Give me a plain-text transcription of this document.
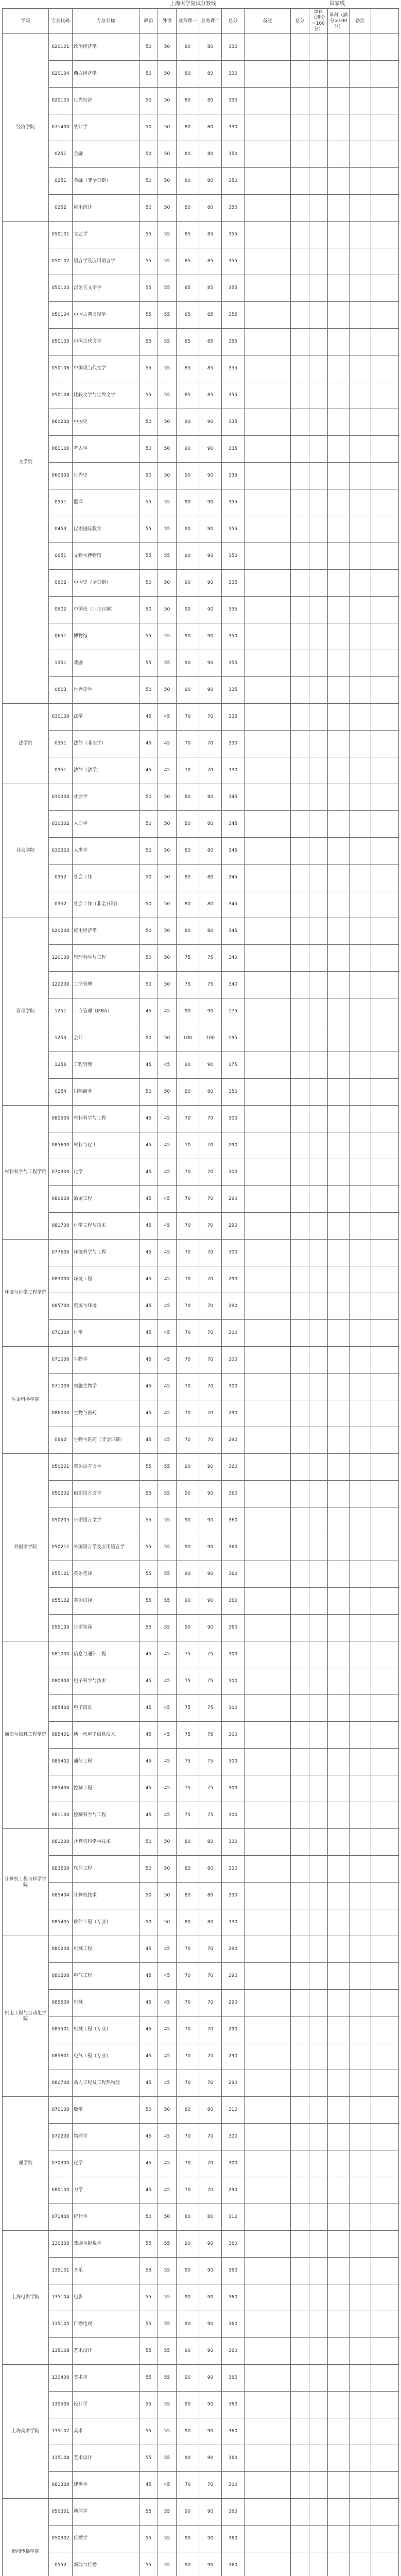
上海大学复试分数线	国家线
学院	专业代码	专业名称	政治	外语	业务课一	业务课二	总分	备注	总分	单科（满分=100分）	单科（满分>100分）	备注	
经济学院	020101	政治经济学	50	50	80	80	330						
	020104	西方经济学	50	50	80	80	330						
	020105	世界经济	50	50	80	80	330						
	071400	统计学	50	50	80	80	330						
	0251	金融	50	50	80	80	350						
	0251	金融（非全日制）	50	50	80	80	350						
	0252	应用统计	50	50	80	80	350						
文学院	050101	文艺学	55	55	85	85	355						
	050102	语言学及应用语言学	55	55	85	85	355						
	050103	汉语言文字学	55	55	85	85	355						
	050104	中国古典文献学	55	55	85	85	355						
	050105	中国古代文学	55	55	85	85	355						
	050106	中国现当代文学	55	55	85	85	355						
	050108	比较文学与世界文学	55	55	85	85	355						
	060200	中国史	50	50	90	90	335						
	060100	考古学	50	50	90	90	335						
	060300	世界史	50	50	90	90	335						
	0551	翻译	55	55	90	90	355						
	0453	汉语国际教育	55	55	90	90	355						
	0651	文物与博物馆	55	55	90	90	350						
	0602	中国史（全日制）	50	50	90	90	335						
	0602	中国史（非全日制）	50	50	90	90	335						
	0651	博物馆	55	55	90	90	350						
	1351	戏剧	55	55	90	90	355						
	0603	世界史学	50	50	90	90	335						
法学院	030100	法学	45	45	70	70	335						
	0351	法律（非法学）	45	45	70	70	330						
	0351	法律（法学）	45	45	70	70	330						
社会学院	030300	社会学	50	50	80	80	345						
	030302	人口学	50	50	80	80	345						
	030303	人类学	50	50	80	80	345						
	0352	社会工作	50	50	80	80	345						
	0352	社会工作（非全日制）	50	50	80	80	345						
管理学院	020200	应用经济学	50	50	80	80	345						
	120100	管理科学与工程	50	50	75	75	340						
	120200	工商管理	50	50	75	75	340						
	1251	工商管理（MBA）	45	45	90	90	175						
	1253	会计	50	50	100	100	195						
	1256	工程管理	45	45	90	90	175						
	0254	国际商务	50	50	80	80	350						
材料科学与工程学院	080500	材料科学与工程	45	45	70	70	300						
	085600	材料与化工	45	45	70	70	290						
	070300	化学	45	45	70	70	300						
	080600	冶金工程	45	45	70	70	290						
	081700	化学工程与技术	45	45	70	70	290						
环境与化学工程学院	077600	环境科学与工程	45	45	70	70	300						
	083000	环境工程	45	45	70	70	290						
	085700	资源与环境	45	45	70	70	290						
	070300	化学	45	45	70	70	300						
生命科学学院	071000	生物学	45	45	70	70	300						
	071009	细胞生物学	45	45	70	70	300						
	086000	生物与医药	45	45	70	70	290						
	0860	生物与医药（非全日制）	45	45	70	70	290						
外国语学院	050201	英语语言文学	55	55	90	90	360						
	050202	俄语语言文学	55	55	90	90	360						
	050205	日语语言文学	55	55	90	90	360						
	050211	外国语言学及应用语言学	55	55	90	90	360						
	055101	英语笔译	55	55	90	90	360						
	055102	英语口译	55	55	90	90	360						
	055105	日语笔译	55	55	90	90	360						
通信与信息工程学院	081000	信息与通信工程	45	45	75	75	300						
	080900	电子科学与技术	45	45	75	75	300						
	085400	电子信息	45	45	75	75	300						
	085401	新一代电子信息技术	45	45	75	75	300						
	085402	通信工程	45	45	75	75	300						
	085406	控制工程	45	45	75	75	300						
	081100	控制科学与工程	45	45	75	75	300						
计算机工程与科学学院	081200	计算机科学与技术	50	50	80	80	330						
	083500	软件工程	50	50	80	80	330						
	085404	计算机技术	50	50	80	80	330						
	085405	软件工程（专业）	50	50	80	80	330						
机电工程与自动化学院	080200	机械工程	45	45	70	70	290						
	080800	电气工程	45	45	70	70	290						
	085500	机械	45	45	70	70	290						
	085501	机械工程（专业）	45	45	70	70	290						
	085801	电气工程（专业）	45	45	70	70	290						
	080700	动力工程及工程热物理	45	45	70	70	290						
理学院	070100	数学	50	50	80	80	310						
	070200	物理学	45	45	70	70	300						
	070300	化学	45	45	70	70	300						
	080100	力学	45	45	70	70	290						
	071400	统计学	50	50	80	80	310						
上海电影学院	130300	戏剧与影视学	55	55	90	90	360						
	135101	音乐	55	55	90	90	360						
	135104	电影	55	55	90	90	360						
	135105	广播电视	55	55	90	90	360						
	135108	艺术设计	55	55	90	90	360						
上海美术学院	130400	美术学	55	55	90	90	360						
	130500	设计学	55	55	90	90	360						
	135107	美术	55	55	90	90	360						
	135108	艺术设计	55	55	90	90	360						
	081300	建筑学	45	45	70	70	300						
新闻传播学院	050301	新闻学	55	55	90	90	360						
	050302	传播学	55	55	90	90	360						
	0552	新闻与传播	55	55	90	90	360						
